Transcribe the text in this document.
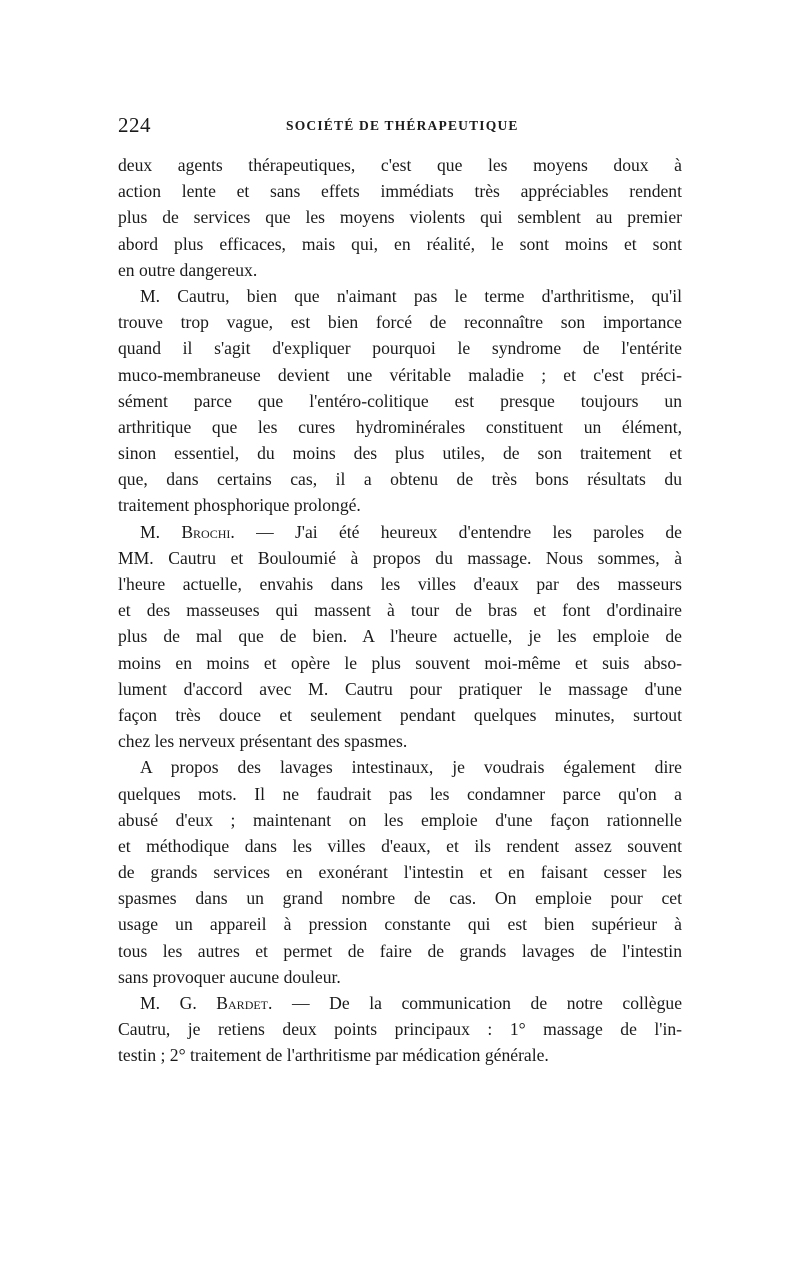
224	SOCIÉTÉ DE THÉRAPEUTIQUE
deux agents thérapeutiques, c'est que les moyens doux à
action lente et sans effets immédiats très appréciables rendent
plus de services que les moyens violents qui semblent au premier
abord plus efficaces, mais qui, en réalité, le sont moins et sont
en outre dangereux.
M. Cautru, bien que n'aimant pas le terme d'arthritisme, qu'il
trouve trop vague, est bien forcé de reconnaître son importance
quand il s'agit d'expliquer pourquoi le syndrome de l'entérite
muco-membraneuse devient une véritable maladie ; et c'est préci-
sément parce que l'entéro-colitique est presque toujours un
arthritique que les cures hydrominérales constituent un élément,
sinon essentiel, du moins des plus utiles, de son traitement et
que, dans certains cas, il a obtenu de très bons résultats du
traitement phosphorique prolongé.
M. Brochi. — J'ai été heureux d'entendre les paroles de
MM. Cautru et Bouloumié à propos du massage. Nous sommes, à
l'heure actuelle, envahis dans les villes d'eaux par des masseurs
et des masseuses qui massent à tour de bras et font d'ordinaire
plus de mal que de bien. A l'heure actuelle, je les emploie de
moins en moins et opère le plus souvent moi-même et suis abso-
lument d'accord avec M. Cautru pour pratiquer le massage d'une
façon très douce et seulement pendant quelques minutes, surtout
chez les nerveux présentant des spasmes.
A propos des lavages intestinaux, je voudrais également dire
quelques mots. Il ne faudrait pas les condamner parce qu'on a
abusé d'eux ; maintenant on les emploie d'une façon rationnelle
et méthodique dans les villes d'eaux, et ils rendent assez souvent
de grands services en exonérant l'intestin et en faisant cesser les
spasmes dans un grand nombre de cas. On emploie pour cet
usage un appareil à pression constante qui est bien supérieur à
tous les autres et permet de faire de grands lavages de l'intestin
sans provoquer aucune douleur.
M. G. Bardet. — De la communication de notre collègue
Cautru, je retiens deux points principaux : 1° massage de l'in-
testin ; 2° traitement de l'arthritisme par médication générale.
